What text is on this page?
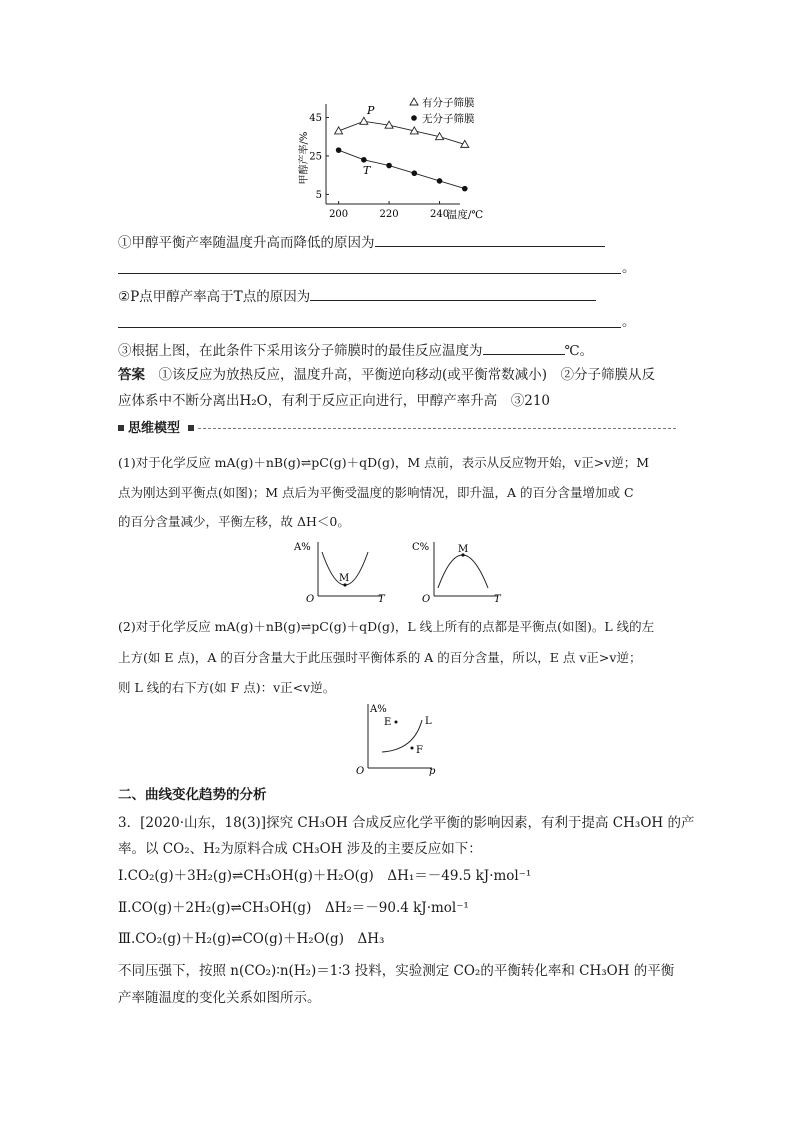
45
25
5
200	220	240
甲醇产率/%
温度/℃
P
T
有分子筛膜
无分子筛膜
①甲醇平衡产率随温度升高而降低的原因为
。
②P点甲醇产率高于T点的原因为
。
③根据上图，在此条件下采用该分子筛膜时的最佳反应温度为	℃。
答案　 ①该反应为放热反应，温度升高，平衡逆向移动(或平衡常数减小)　②分子筛膜从反
应体系中不断分离出H₂O，有利于反应正向进行，甲醇产率升高　③210
思维模型
(1)对于化学反应 mA(g)＋nB(g)⇌pC(g)＋qD(g)，M 点前，表示从反应物开始，v正>v逆；M
点为刚达到平衡点(如图)；M 点后为平衡受温度的影响情况，即升温，A 的百分含量增加或 C
的百分含量减少，平衡左移，故 ΔH＜0。
A%
M
O	T
C%	M
O	T
(2)对于化学反应 mA(g)＋nB(g)⇌pC(g)＋qD(g)，L 线上所有的点都是平衡点(如图)。L 线的左
上方(如 E 点)，A 的百分含量大于此压强时平衡体系的 A 的百分含量，所以，E 点 v正>v逆；
则 L 线的右下方(如 F 点)：v正<v逆。
A%
E
F
L
O	p
二、曲线变化趋势的分析
3．[2020·山东，18(3)]探究 CH₃OH 合成反应化学平衡的影响因素，有利于提高 CH₃OH 的产
率。以 CO₂、H₂为原料合成 CH₃OH 涉及的主要反应如下：
Ⅰ.CO₂(g)＋3H₂(g)⇌CH₃OH(g)＋H₂O(g)　ΔH₁＝－49.5 kJ·mol⁻¹
Ⅱ.CO(g)＋2H₂(g)⇌CH₃OH(g)　ΔH₂＝－90.4 kJ·mol⁻¹
Ⅲ.CO₂(g)＋H₂(g)⇌CO(g)＋H₂O(g)　ΔH₃
不同压强下，按照 n(CO₂)∶n(H₂)＝1∶3 投料，实验测定 CO₂的平衡转化率和 CH₃OH 的平衡
产率随温度的变化关系如图所示。
